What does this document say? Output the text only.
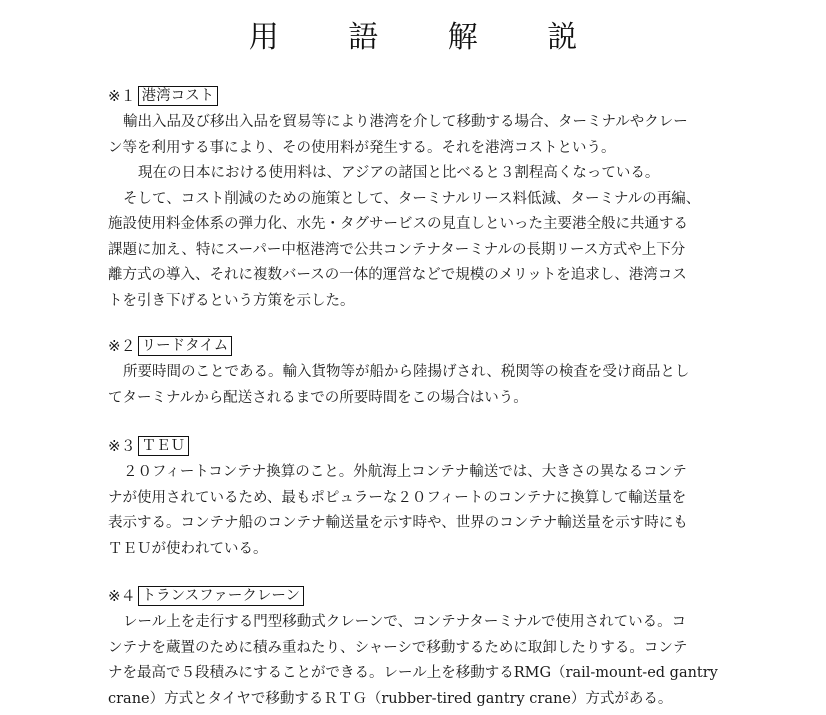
用 語 解 説
※１ 港湾コスト
輸出入品及び移出入品を貿易等により港湾を介して移動する場合、ターミナルやクレー
ン等を利用する事により、その使用料が発生する。それを港湾コストという。
現在の日本における使用料は、アジアの諸国と比べると３割程高くなっている。
そして、コスト削減のための施策として、ターミナルリース料低減、ターミナルの再編、
施設使用料金体系の弾力化、水先・タグサービスの見直しといった主要港全般に共通する
課題に加え、特にスーパー中枢港湾で公共コンテナターミナルの長期リース方式や上下分
離方式の導入、それに複数バースの一体的運営などで規模のメリットを追求し、港湾コス
トを引き下げるという方策を示した。
※２ リードタイム
所要時間のことである。輸入貨物等が船から陸揚げされ、税関等の検査を受け商品とし
てターミナルから配送されるまでの所要時間をこの場合はいう。
※３ ＴＥＵ
２０フィートコンテナ換算のこと。外航海上コンテナ輸送では、大きさの異なるコンテ
ナが使用されているため、最もポピュラーな２０フィートのコンテナに換算して輸送量を
表示する。コンテナ船のコンテナ輸送量を示す時や、世界のコンテナ輸送量を示す時にも
ＴＥＵが使われている。
※４ トランスファークレーン
レール上を走行する門型移動式クレーンで、コンテナターミナルで使用されている。コ
ンテナを蔵置のために積み重ねたり、シャーシで移動するために取卸したりする。コンテ
ナを最高で５段積みにすることができる。レール上を移動するRMG（rail-mount-ed gantry
crane）方式とタイヤで移動するＲＴＧ（rubber-tired gantry crane）方式がある。
